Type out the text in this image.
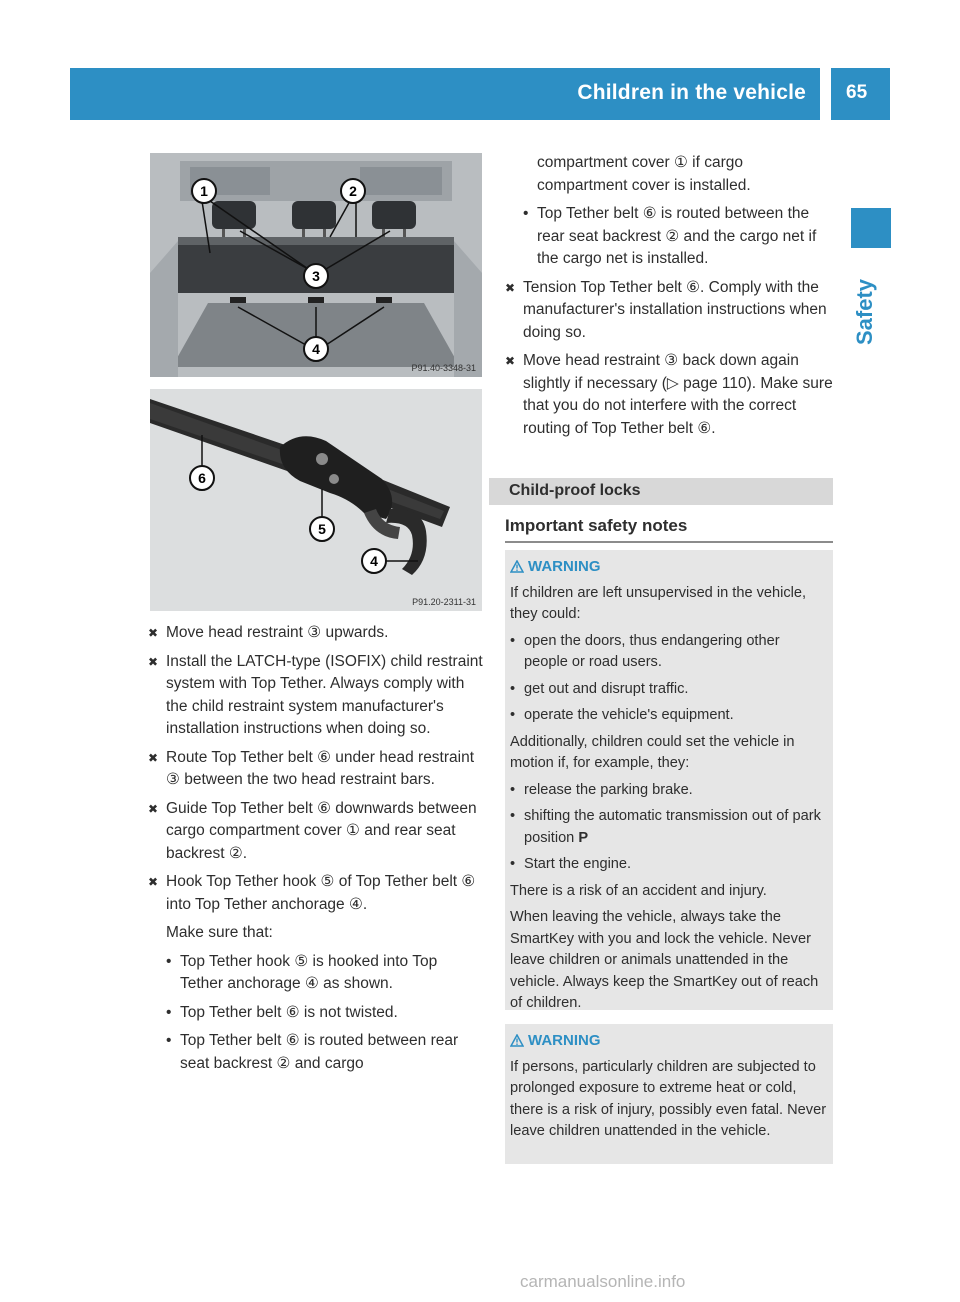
Children in the vehicle 65
Safety
1	2
3
4
P91.40-3348-31
6
5
4
P91.20-2311-31
✖ Move head restraint ③ upwards.
✖ Install the LATCH-type (ISOFIX) child restraint system with Top Tether. Always comply with the child restraint system manufacturer's installation instructions when doing so.
✖ Route Top Tether belt ⑥ under head restraint ③ between the two head restraint bars.
✖ Guide Top Tether belt ⑥ downwards between cargo compartment cover ① and rear seat backrest ②.
✖ Hook Top Tether hook ⑤ of Top Tether belt ⑥ into Top Tether anchorage ④.
Make sure that:
• Top Tether hook ⑤ is hooked into Top Tether anchorage ④ as shown.
• Top Tether belt ⑥ is not twisted.
• Top Tether belt ⑥ is routed between rear seat backrest ② and cargo
compartment cover ① if cargo compartment cover is installed.
• Top Tether belt ⑥ is routed between the rear seat backrest ② and the cargo net if the cargo net is installed.
✖ Tension Top Tether belt ⑥. Comply with the manufacturer's installation instructions when doing so.
✖ Move head restraint ③ back down again slightly if necessary (▷ page 110). Make sure that you do not interfere with the correct routing of Top Tether belt ⑥.
Child-proof locks
Important safety notes
WARNING

If children are left unsupervised in the vehicle, they could:

• open the doors, thus endangering other people or road users.
• get out and disrupt traffic.
• operate the vehicle's equipment.

Additionally, children could set the vehicle in motion if, for example, they:

• release the parking brake.
• shifting the automatic transmission out of park position P
• Start the engine.

There is a risk of an accident and injury.

When leaving the vehicle, always take the SmartKey with you and lock the vehicle. Never leave children or animals unattended in the vehicle. Always keep the SmartKey out of reach of children.

WARNING

If persons, particularly children are subjected to prolonged exposure to extreme heat or cold, there is a risk of injury, possibly even fatal. Never leave children unattended in the vehicle.

carmanualsonline.info
